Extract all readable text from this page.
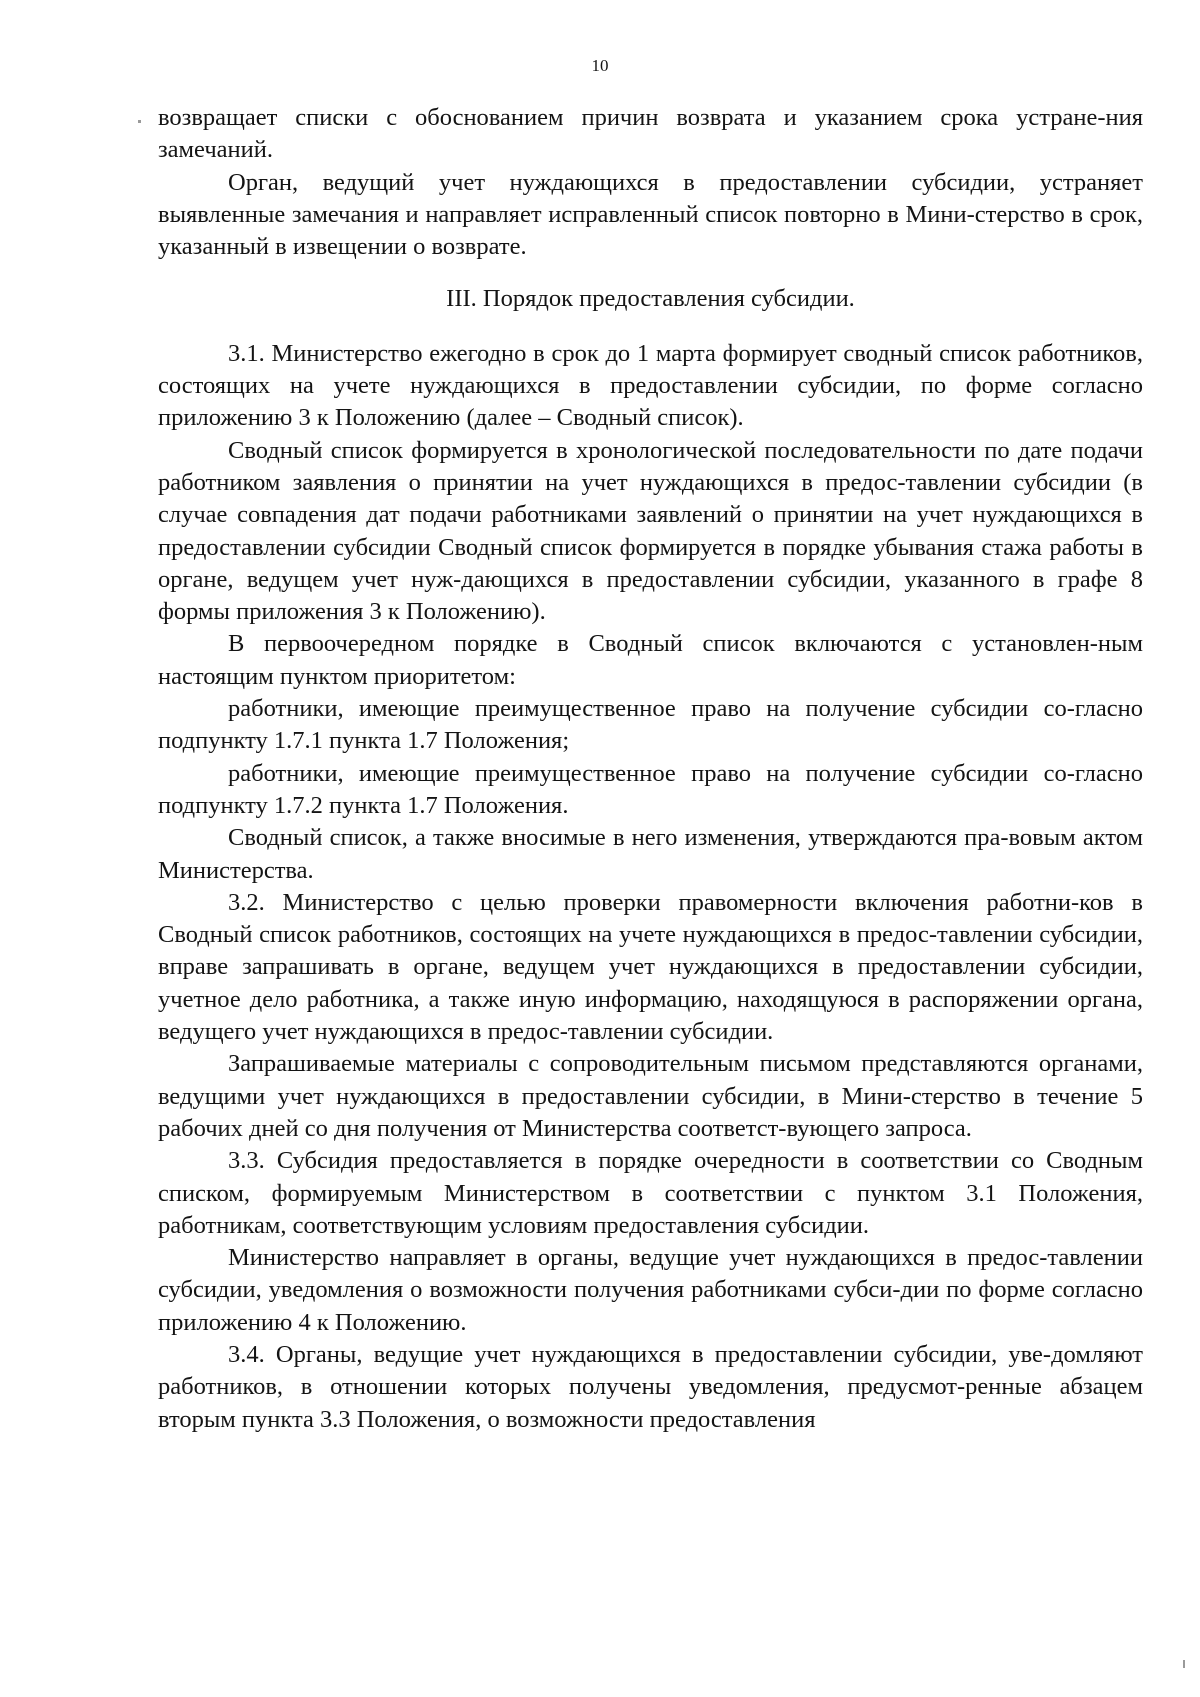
10

возвращает списки с обоснованием причин возврата и указанием срока устране-ния замечаний.

Орган, ведущий учет нуждающихся в предоставлении субсидии, устраняет выявленные замечания и направляет исправленный список повторно в Мини-стерство в срок, указанный в извещении о возврате.

III. Порядок предоставления субсидии.

3.1. Министерство ежегодно в срок до 1 марта формирует сводный список работников, состоящих на учете нуждающихся в предоставлении субсидии, по форме согласно приложению 3 к Положению (далее – Сводный список).

Сводный список формируется в хронологической последовательности по дате подачи работником заявления о принятии на учет нуждающихся в предос-тавлении субсидии (в случае совпадения дат подачи работниками заявлений о принятии на учет нуждающихся в предоставлении субсидии Сводный список формируется в порядке убывания стажа работы в органе, ведущем учет нуж-дающихся в предоставлении субсидии, указанного в графе 8 формы приложения 3 к Положению).

В первоочередном порядке в Сводный список включаются с установлен-ным настоящим пунктом приоритетом:

работники, имеющие преимущественное право на получение субсидии со-гласно подпункту 1.7.1 пункта 1.7 Положения;

работники, имеющие преимущественное право на получение субсидии со-гласно подпункту 1.7.2 пункта 1.7 Положения.

Сводный список, а также вносимые в него изменения, утверждаются пра-вовым актом Министерства.

3.2. Министерство с целью проверки правомерности включения работни-ков в Сводный список работников, состоящих на учете нуждающихся в предос-тавлении субсидии, вправе запрашивать в органе, ведущем учет нуждающихся в предоставлении субсидии, учетное дело работника, а также иную информацию, находящуюся в распоряжении органа, ведущего учет нуждающихся в предос-тавлении субсидии.

Запрашиваемые материалы с сопроводительным письмом представляются органами, ведущими учет нуждающихся в предоставлении субсидии, в Мини-стерство в течение 5 рабочих дней со дня получения от Министерства соответст-вующего запроса.

3.3. Субсидия предоставляется в порядке очередности в соответствии со Сводным списком, формируемым Министерством в соответствии с пунктом 3.1 Положения, работникам, соответствующим условиям предоставления субсидии.

Министерство направляет в органы, ведущие учет нуждающихся в предос-тавлении субсидии, уведомления о возможности получения работниками субси-дии по форме согласно приложению 4 к Положению.

3.4. Органы, ведущие учет нуждающихся в предоставлении субсидии, уве-домляют работников, в отношении которых получены уведомления, предусмот-ренные абзацем вторым пункта 3.3 Положения, о возможности предоставления
